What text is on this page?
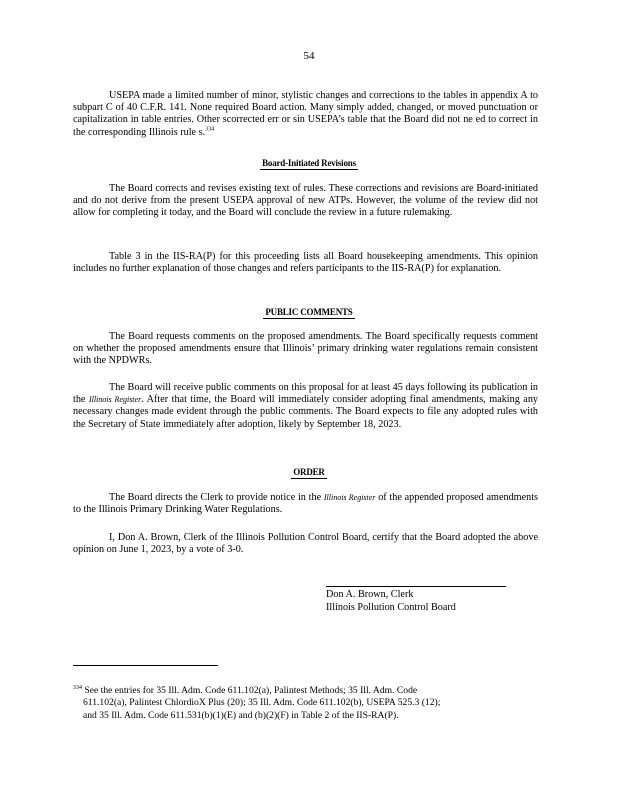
54
USEPA made a limited number of minor, stylistic changes and corrections to the tables in appendix A to subpart C of 40 C.F.R. 141. None required Board action. Many simply added, changed, or moved punctuation or capitalization in table entries. Other scorrected err or sin USEPA’s table that the Board did not ne ed to correct in the corresponding Illinois rule s.$^{334}$
Board-Initiated Revisions
The Board corrects and revises existing text of rules. These corrections and revisions are Board-initiated and do not derive from the present USEPA approval of new ATPs. However, the volume of the review did not allow for completing it today, and the Board will conclude the review in a future rulemaking.
Table 3 in the IIS-RA(P) for this proceeding lists all Board housekeeping amendments. This opinion includes no further explanation of those changes and refers participants to the IIS-RA(P) for explanation.
PUBLIC COMMENTS
The Board requests comments on the proposed amendments. The Board specifically requests comment on whether the proposed amendments ensure that Illinois’ primary drinking water regulations remain consistent with the NPDWRs.
The Board will receive public comments on this proposal for at least 45 days following its publication in the Illinois Register. After that time, the Board will immediately consider adopting final amendments, making any necessary changes made evident through the public comments. The Board expects to file any adopted rules with the Secretary of State immediately after adoption, likely by September 18, 2023.
ORDER
The Board directs the Clerk to provide notice in the Illinois Register of the appended proposed amendments to the Illinois Primary Drinking Water Regulations.
I, Don A. Brown, Clerk of the Illinois Pollution Control Board, certify that the Board adopted the above opinion on June 1, 2023, by a vote of 3-0.
Don A. Brown, Clerk
Illinois Pollution Control Board
$^{334}$ See the entries for 35 Ill. Adm. Code 611.102(a), Palintest Methods; 35 Ill. Adm. Code
611.102(a), Palintest ChlordioX Plus (20); 35 Ill. Adm. Code 611.102(b), USEPA 525.3 (12);
and 35 Ill. Adm. Code 611.531(b)(1)(E) and (b)(2)(F) in Table 2 of the IIS-RA(P).
